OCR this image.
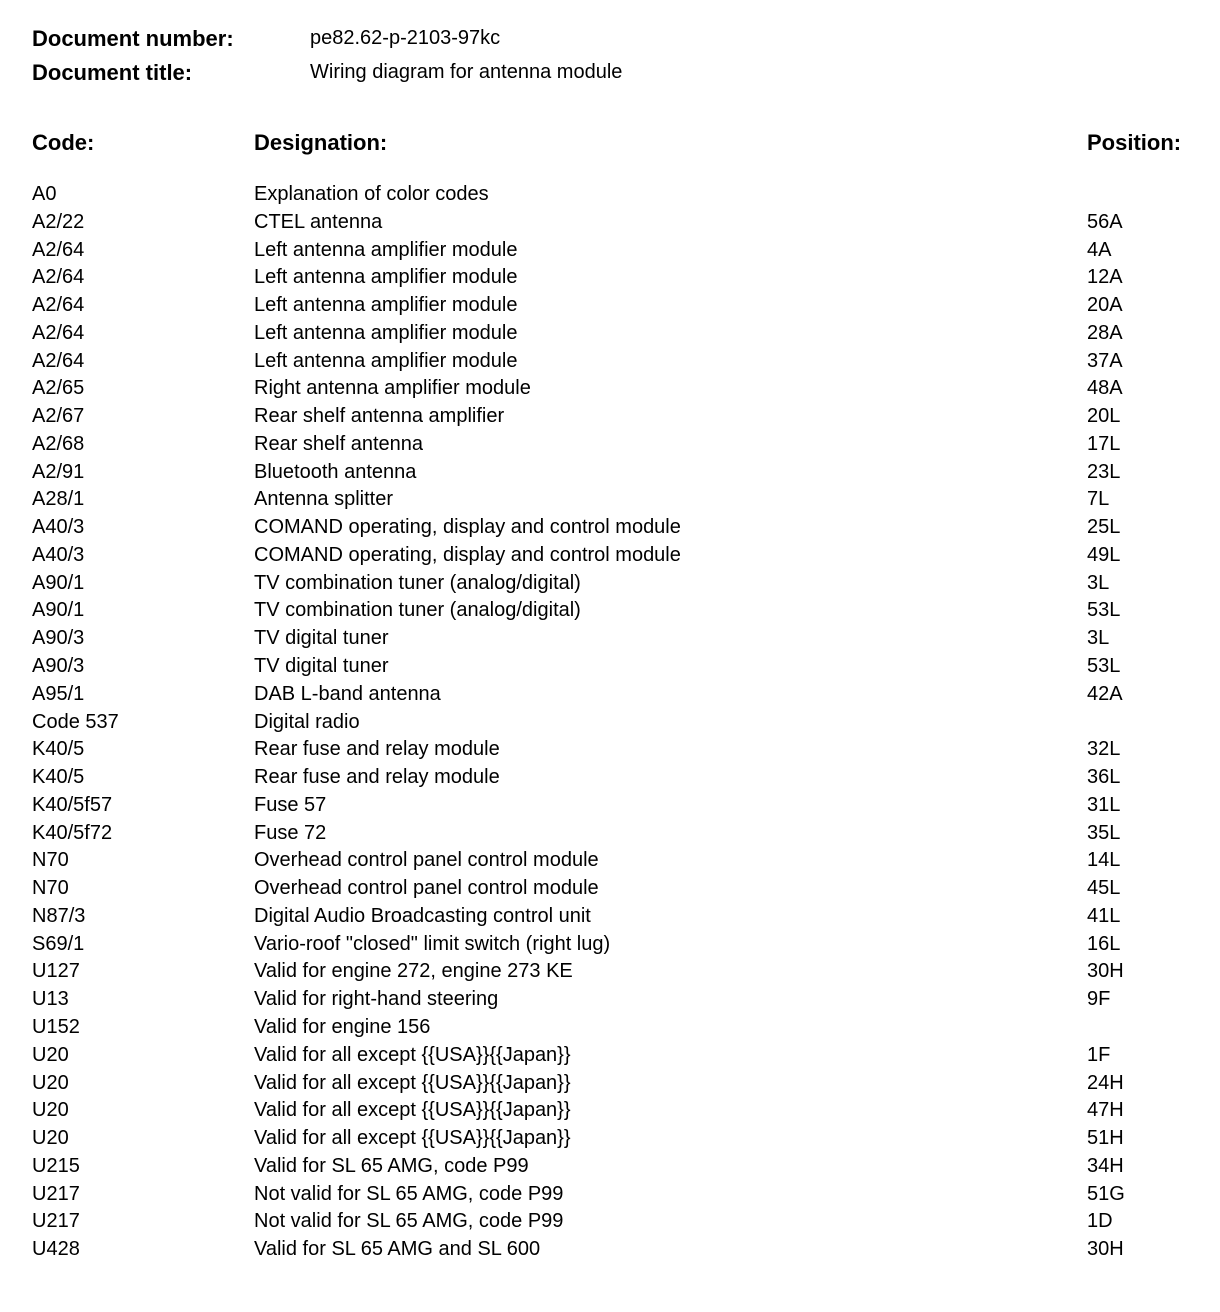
Document number:	pe82.62-p-2103-97kc
Document title:	Wiring diagram for antenna module
Code:	Designation:	Position:
A0	Explanation of color codes
A2/22	CTEL antenna	56A
A2/64	Left antenna amplifier module	4A
A2/64	Left antenna amplifier module	12A
A2/64	Left antenna amplifier module	20A
A2/64	Left antenna amplifier module	28A
A2/64	Left antenna amplifier module	37A
A2/65	Right antenna amplifier module	48A
A2/67	Rear shelf antenna amplifier	20L
A2/68	Rear shelf antenna	17L
A2/91	Bluetooth antenna	23L
A28/1	Antenna splitter	7L
A40/3	COMAND operating, display and control module	25L
A40/3	COMAND operating, display and control module	49L
A90/1	TV combination tuner (analog/digital)	3L
A90/1	TV combination tuner (analog/digital)	53L
A90/3	TV digital tuner	3L
A90/3	TV digital tuner	53L
A95/1	DAB L-band antenna	42A
Code 537	Digital radio
K40/5	Rear fuse and relay module	32L
K40/5	Rear fuse and relay module	36L
K40/5f57	Fuse 57	31L
K40/5f72	Fuse 72	35L
N70	Overhead control panel control module	14L
N70	Overhead control panel control module	45L
N87/3	Digital Audio Broadcasting control unit	41L
S69/1	Vario-roof "closed" limit switch (right lug)	16L
U127	Valid for engine 272, engine 273 KE	30H
U13	Valid for right-hand steering	9F
U152	Valid for engine 156
U20	Valid for all except {{USA}}{{Japan}}	1F
U20	Valid for all except {{USA}}{{Japan}}	24H
U20	Valid for all except {{USA}}{{Japan}}	47H
U20	Valid for all except {{USA}}{{Japan}}	51H
U215	Valid for SL 65 AMG, code P99	34H
U217	Not valid for SL 65 AMG, code P99	51G
U217	Not valid for SL 65 AMG, code P99	1D
U428	Valid for SL 65 AMG and SL 600	30H
